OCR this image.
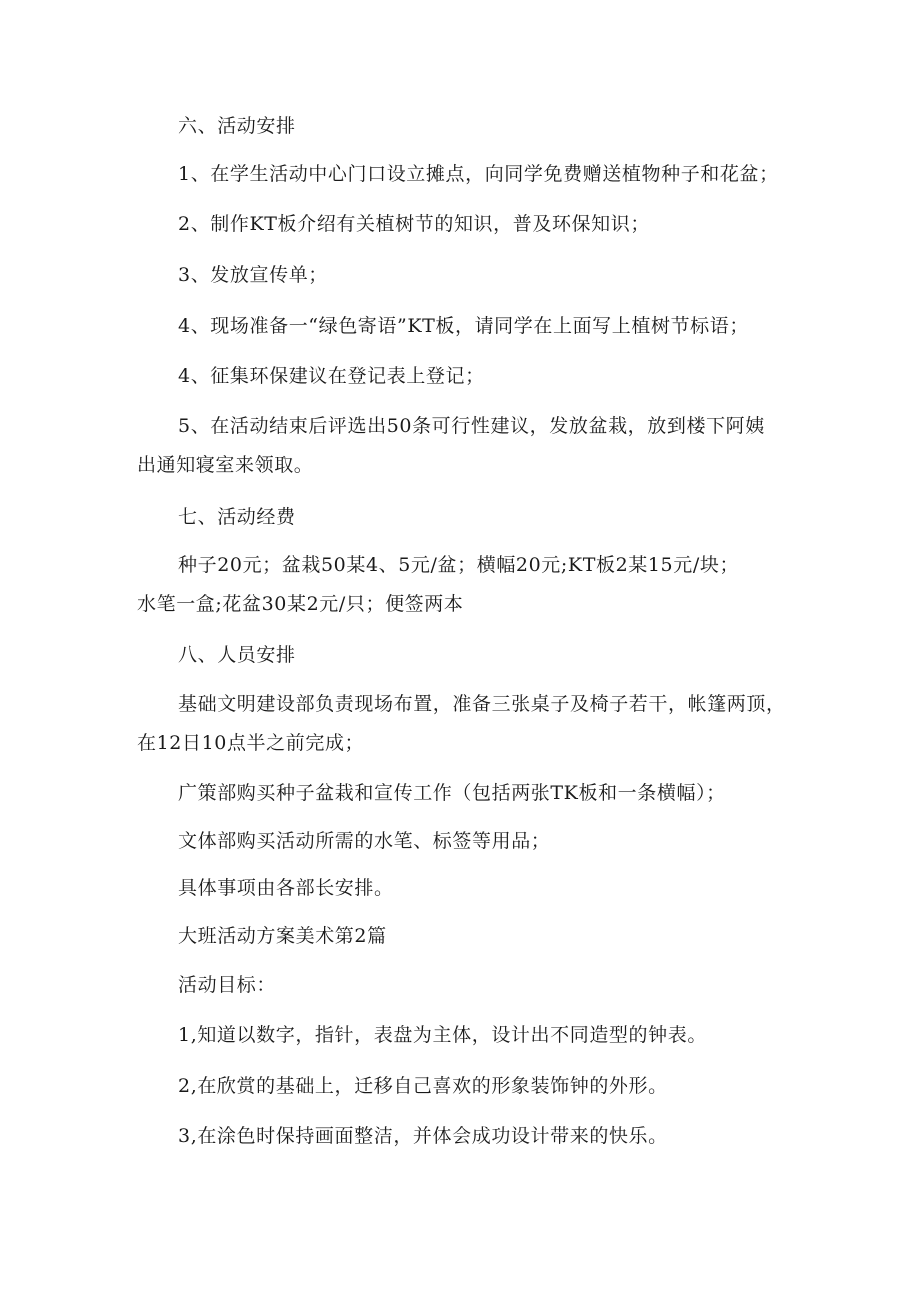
六、活动安排
1、在学生活动中心门口设立摊点，向同学免费赠送植物种子和花盆；
2、制作KT板介绍有关植树节的知识，普及环保知识；
3、发放宣传单；
4、现场准备一“绿色寄语”KT板，请同学在上面写上植树节标语；
4、征集环保建议在登记表上登记；
5、在活动结束后评选出50条可行性建议，发放盆栽，放到楼下阿姨
出通知寝室来领取。
七、活动经费
种子20元；盆栽50某4、5元/盆；横幅20元;KT板2某15元/块；
水笔一盒;花盆30某2元/只；便签两本
八、人员安排
基础文明建设部负责现场布置，准备三张桌子及椅子若干，帐篷两顶，
在12日10点半之前完成；
广策部购买种子盆栽和宣传工作（包括两张TK板和一条横幅）；
文体部购买活动所需的水笔、标签等用品；
具体事项由各部长安排。
大班活动方案美术第2篇
活动目标：
1,知道以数字，指针，表盘为主体，设计出不同造型的钟表。
2,在欣赏的基础上，迁移自己喜欢的形象装饰钟的外形。
3,在涂色时保持画面整洁，并体会成功设计带来的快乐。
